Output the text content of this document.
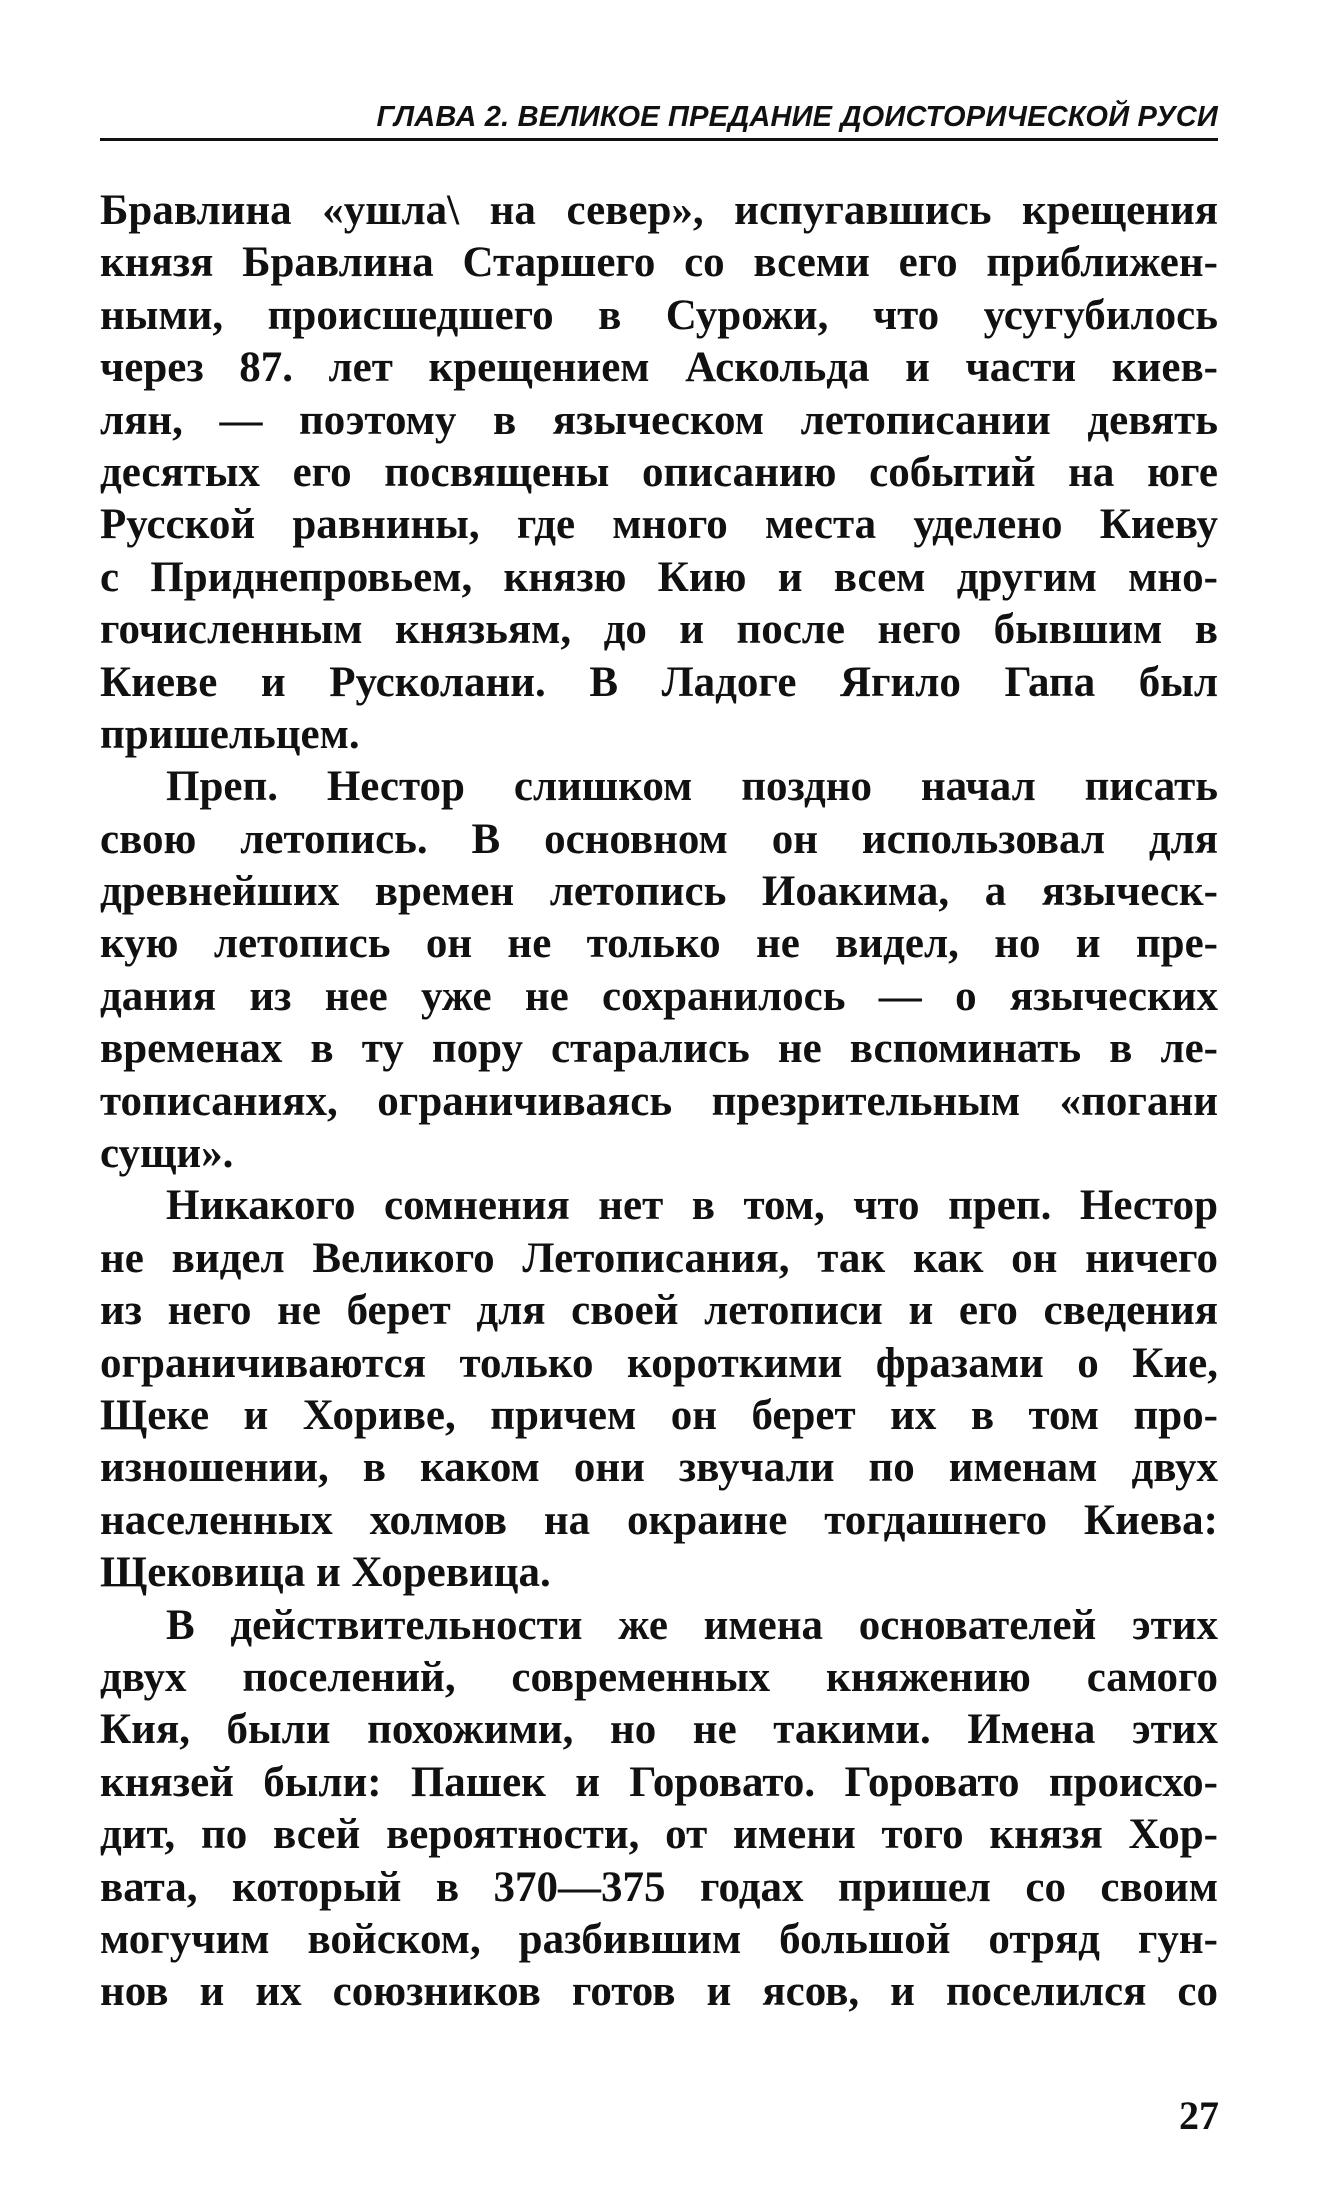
ГЛАВА 2. ВЕЛИКОЕ ПРЕДАНИЕ ДОИСТОРИЧЕСКОЙ РУСИ
Бравлина «ушла\ на север», испугавшись крещения
князя Бравлина Старшего со всеми его приближен-
ными, происшедшего в Сурожи, что усугубилось
через 87. лет крещением Аскольда и части киев-
лян, — поэтому в языческом летописании девять
десятых его посвящены описанию событий на юге
Русской равнины, где много места уделено Киеву
с Приднепровьем, князю Кию и всем другим мно-
гочисленным князьям, до и после него бывшим в
Киеве и Русколани. В Ладоге Ягило Гапа был
пришельцем.
Преп. Нестор слишком поздно начал писать
свою летопись. В основном он использовал для
древнейших времен летопись Иоакима, а языческ-
кую летопись он не только не видел, но и пре-
дания из нее уже не сохранилось — о языческих
временах в ту пору старались не вспоминать в ле-
тописаниях, ограничиваясь презрительным «погани
сущи».
Никакого сомнения нет в том, что преп. Нестор
не видел Великого Летописания, так как он ничего
из него не берет для своей летописи и его сведения
ограничиваются только короткими фразами о Кие,
Щеке и Хориве, причем он берет их в том про-
изношении, в каком они звучали по именам двух
населенных холмов на окраине тогдашнего Киева:
Щековица и Хоревица.
В действительности же имена основателей этих
двух поселений, современных княжению самого
Кия, были похожими, но не такими. Имена этих
князей были: Пашек и Горовато. Горовато происхо-
дит, по всей вероятности, от имени того князя Хор-
вата, который в 370—375 годах пришел со своим
могучим войском, разбившим большой отряд гун-
нов и их союзников готов и ясов, и поселился со
27
